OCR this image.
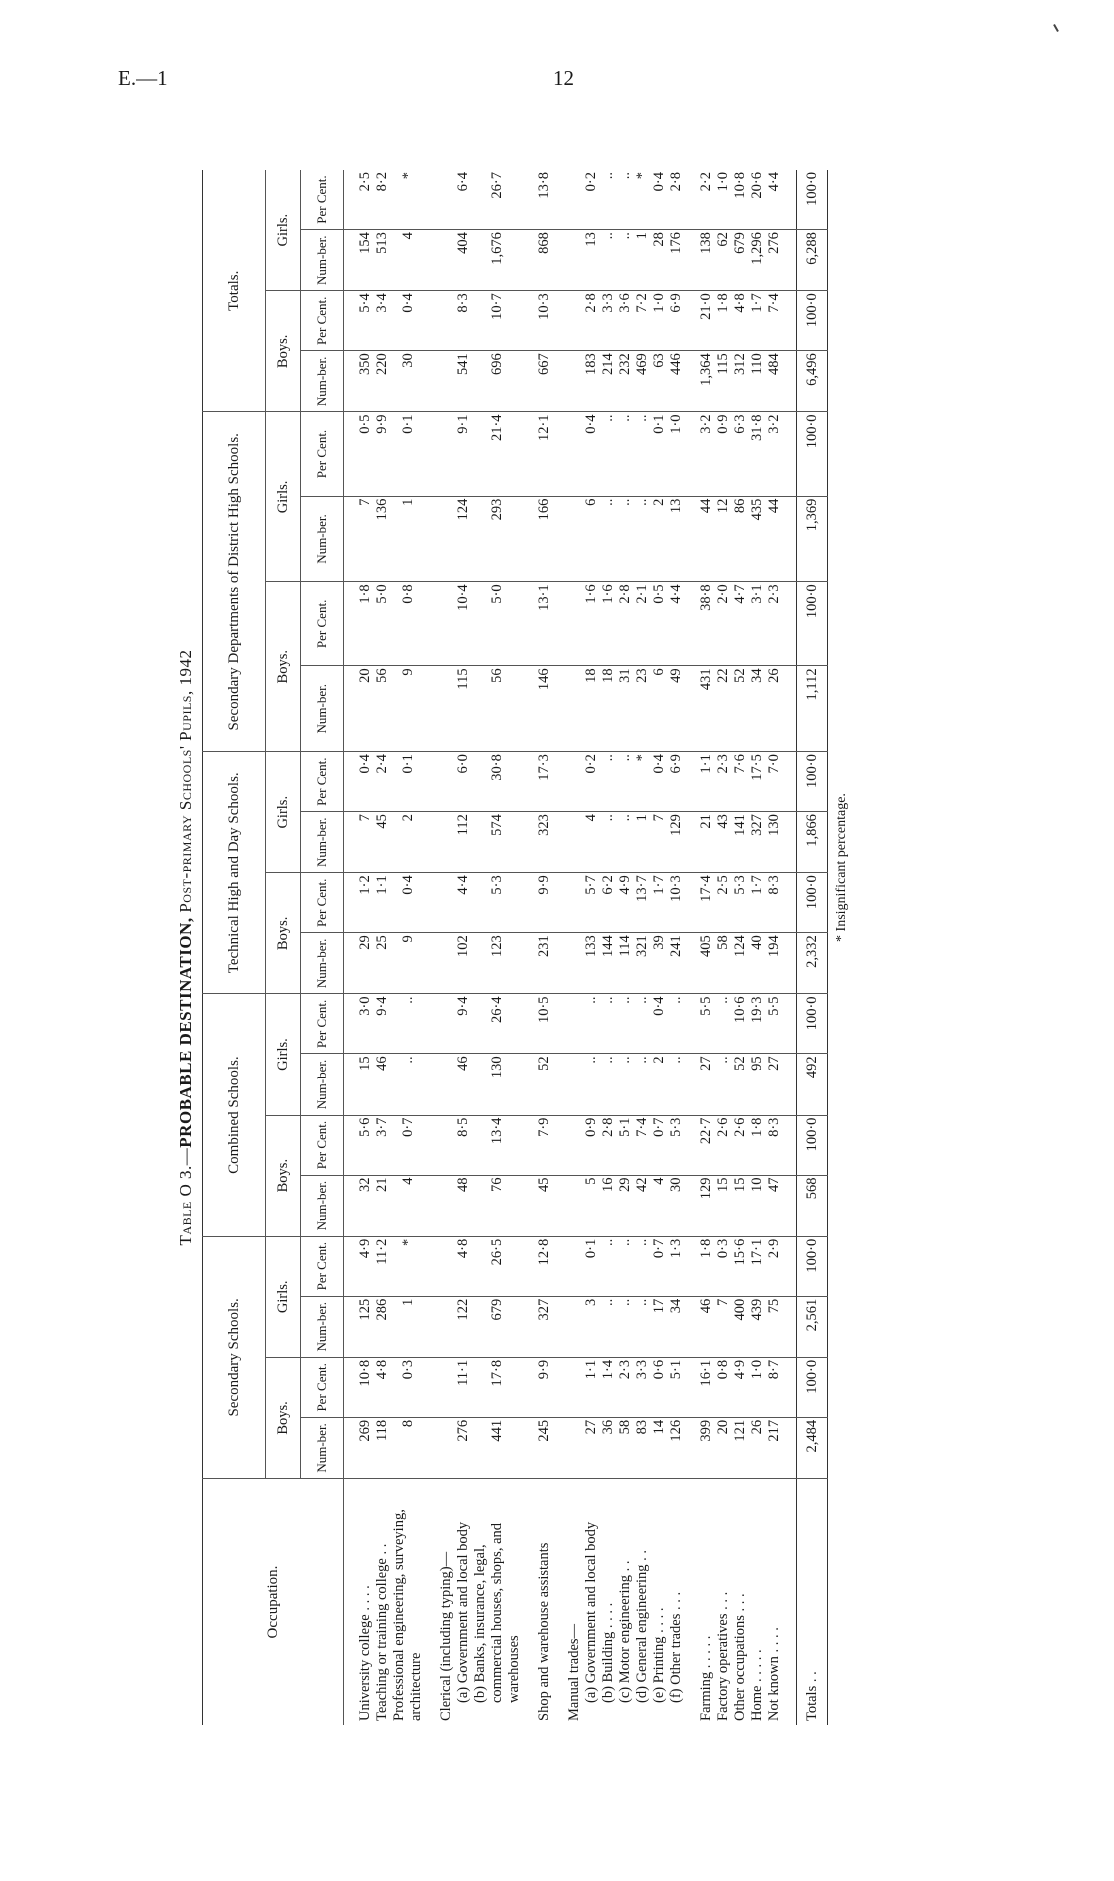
E.—1	12
Table O 3.—PROBABLE DESTINATION, Post-primary Schools' Pupils, 1942
Occupation.	Secondary Schools.				Combined Schools.				Technical High and Day Schools.				Secondary Departments of District High Schools.				Totals.			
	Boys.		Girls.		Boys.		Girls.		Boys.		Girls.		Boys.		Girls.		Boys.		Girls.	
	Num-ber.	Per Cent.	Num-ber.	Per Cent.	Num-ber.	Per Cent.	Num-ber.	Per Cent.	Num-ber.	Per Cent.	Num-ber.	Per Cent.	Num-ber.	Per Cent.	Num-ber.	Per Cent.	Num-ber.	Per Cent.	Num-ber.	Per Cent.

University college . . . .	269	10·8	125	4·9	32	5·6	15	3·0	29	1·2	7	0·4	20	1·8	7	0·5	350	5·4	154	2·5
Teaching or training college . .	118	4·8	286	11·2	21	3·7	46	9·4	25	1·1	45	2·4	56	5·0	136	9·9	220	3·4	513	8·2
Professional engineering, surveying, architecture	8	0·3	1	*	4	0·7	..	..	9	0·4	2	0·1	9	0·8	1	0·1	30	0·4	4	*

Clerical (including typing)—																				
(a) Government and local body	276	11·1	122	4·8	48	8·5	46	9·4	102	4·4	112	6·0	115	10·4	124	9·1	541	8·3	404	6·4
(b) Banks, insurance, legal, commercial houses, shops, and warehouses	441	17·8	679	26·5	76	13·4	130	26·4	123	5·3	574	30·8	56	5·0	293	21·4	696	10·7	1,676	26·7

Shop and warehouse assistants	245	9·9	327	12·8	45	7·9	52	10·5	231	9·9	323	17·3	146	13·1	166	12·1	667	10·3	868	13·8

Manual trades—																				
(a) Government and local body	27	1·1	3	0·1	5	0·9	..	..	133	5·7	4	0·2	18	1·6	6	0·4	183	2·8	13	0·2
(b) Building . . . .	36	1·4	..	..	16	2·8	..	..	144	6·2	..	..	18	1·6	..	..	214	3·3	..	..
(c) Motor engineering . .	58	2·3	..	..	29	5·1	..	..	114	4·9	..	..	31	2·8	..	..	232	3·6	..	..
(d) General engineering . .	83	3·3	..	..	42	7·4	..	..	321	13·7	1	*	23	2·1	..	..	469	7·2	1	*
(e) Printing . . . .	14	0·6	17	0·7	4	0·7	2	0·4	39	1·7	7	0·4	6	0·5	2	0·1	63	1·0	28	0·4
(f) Other trades . . .	126	5·1	34	1·3	30	5·3	..	..	241	10·3	129	6·9	49	4·4	13	1·0	446	6·9	176	2·8

Farming . . . . .	399	16·1	46	1·8	129	22·7	27	5·5	405	17·4	21	1·1	431	38·8	44	3·2	1,364	21·0	138	2·2
Factory operatives . . .	20	0·8	7	0·3	15	2·6	..	..	58	2·5	43	2·3	22	2·0	12	0·9	115	1·8	62	1·0
Other occupations . . .	121	4·9	400	15·6	15	2·6	52	10·6	124	5·3	141	7·6	52	4·7	86	6·3	312	4·8	679	10·8
Home . . . . .	26	1·0	439	17·1	10	1·8	95	19·3	40	1·7	327	17·5	34	3·1	435	31·8	110	1·7	1,296	20·6
Not known . . . .	217	8·7	75	2·9	47	8·3	27	5·5	194	8·3	130	7·0	26	2·3	44	3·2	484	7·4	276	4·4

Totals . .	2,484	100·0	2,561	100·0	568	100·0	492	100·0	2,332	100·0	1,866	100·0	1,112	100·0	1,369	100·0	6,496	100·0	6,288	100·0
* Insignificant percentage.
